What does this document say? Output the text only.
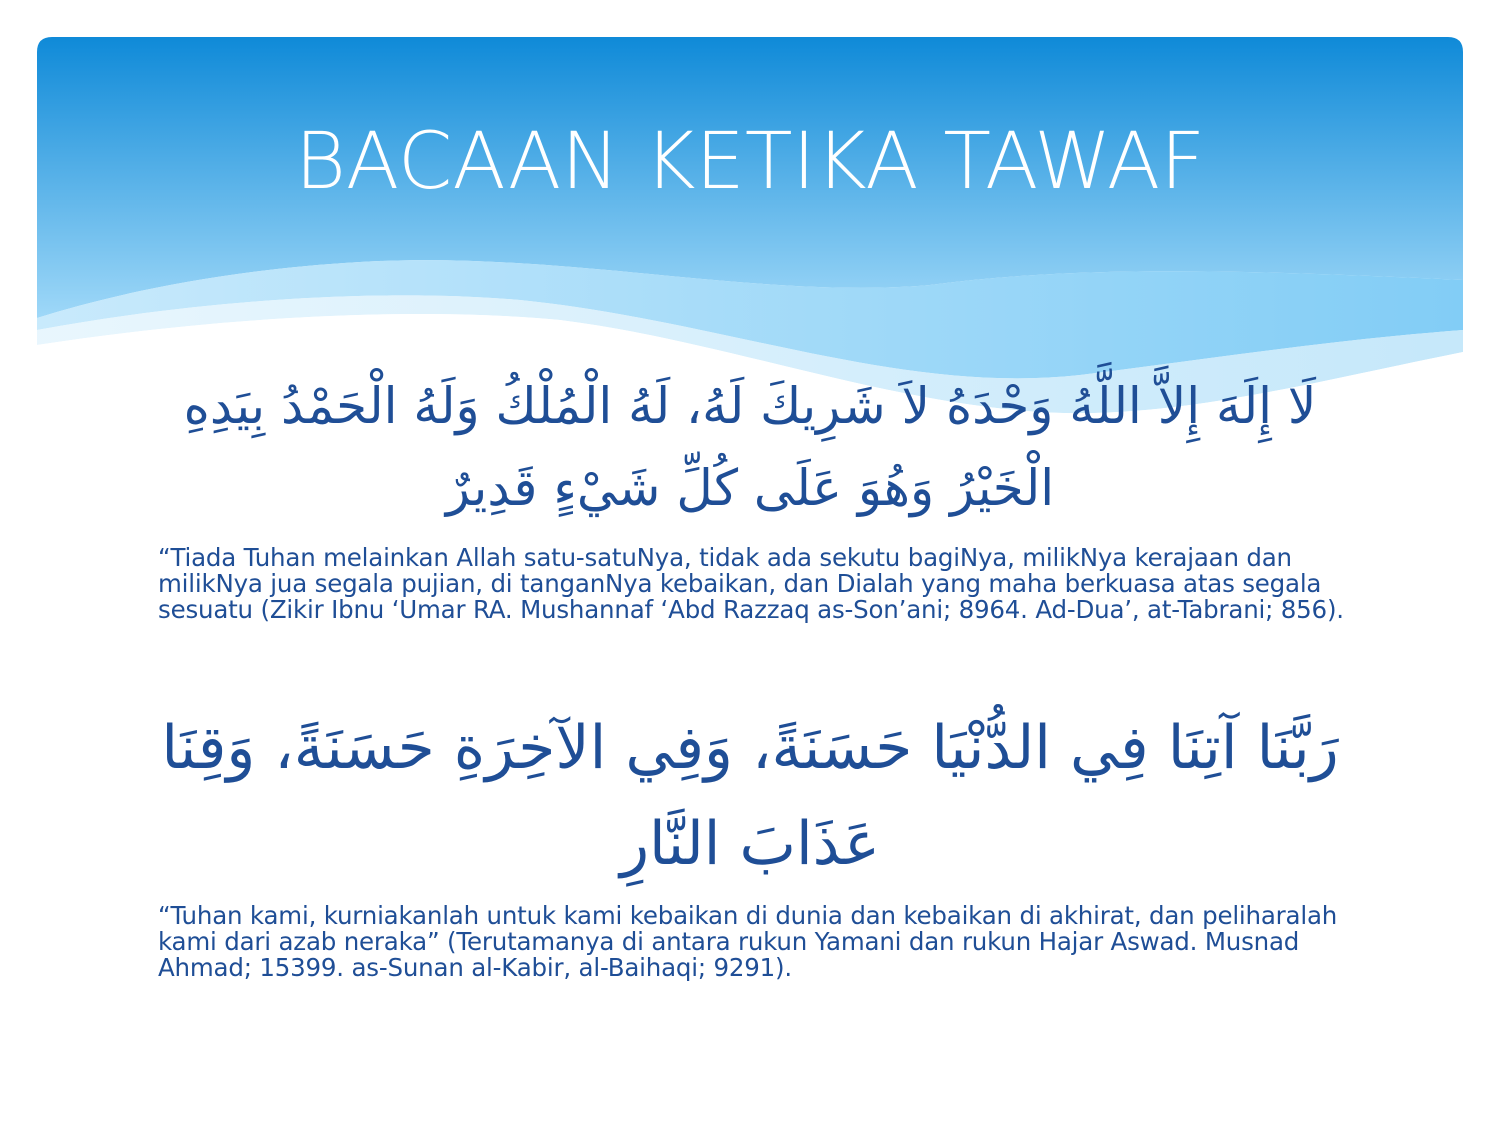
BACAAN KETIKA TAWAF

لَا إِلَهَ إِلاَّ اللَّهُ وَحْدَهُ لاَ شَرِيكَ لَهُ، لَهُ الْمُلْكُ وَلَهُ الْحَمْدُ بِيَدِهِ الْخَيْرُ وَهُوَ عَلَى كُلِّ شَيْءٍ قَدِيرٌ

“Tiada Tuhan melainkan Allah satu-satuNya, tidak ada sekutu bagiNya, milikNya kerajaan dan milikNya jua segala pujian, di tanganNya kebaikan, dan Dialah yang maha berkuasa atas segala sesuatu (Zikir Ibnu ‘Umar RA. Mushannaf ‘Abd Razzaq as-Son’ani; 8964. Ad-Dua’, at-Tabrani; 856).

رَبَّنَا آتِنَا فِي الدُّنْيَا حَسَنَةً، وَفِي الآخِرَةِ حَسَنَةً، وَقِنَا عَذَابَ النَّارِ

“Tuhan kami, kurniakanlah untuk kami kebaikan di dunia dan kebaikan di akhirat, dan peliharalah kami dari azab neraka” (Terutamanya di antara rukun Yamani dan rukun Hajar Aswad. Musnad Ahmad; 15399. as-Sunan al-Kabir, al-Baihaqi; 9291).
